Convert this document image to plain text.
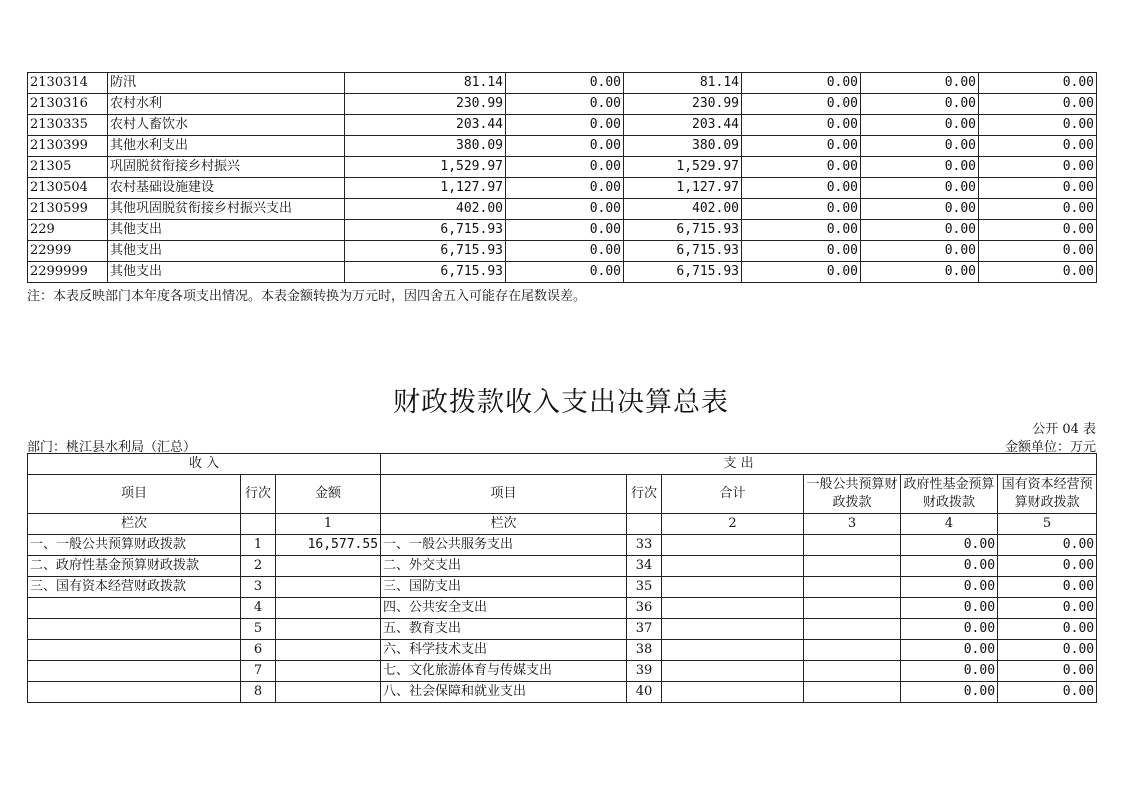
2130314	防汛	81.14	0.00	81.14	0.00	0.00	0.00
2130316	农村水利	230.99	0.00	230.99	0.00	0.00	0.00
2130335	农村人畜饮水	203.44	0.00	203.44	0.00	0.00	0.00
2130399	其他水利支出	380.09	0.00	380.09	0.00	0.00	0.00
21305	巩固脱贫衔接乡村振兴	1,529.97	0.00	1,529.97	0.00	0.00	0.00
2130504	农村基础设施建设	1,127.97	0.00	1,127.97	0.00	0.00	0.00
2130599	其他巩固脱贫衔接乡村振兴支出	402.00	0.00	402.00	0.00	0.00	0.00
229	其他支出	6,715.93	0.00	6,715.93	0.00	0.00	0.00
22999	其他支出	6,715.93	0.00	6,715.93	0.00	0.00	0.00
2299999	其他支出	6,715.93	0.00	6,715.93	0.00	0.00	0.00
注：本表反映部门本年度各项支出情况。本表金额转换为万元时，因四舍五入可能存在尾数误差。
财政拨款收入支出决算总表
公开 04 表
部门：桃江县水利局（汇总）	金额单位：万元
收 入			支 出					
项目	行次	金额	项目	行次	合计	一般公共预算财政拨款	政府性基金预算财政拨款	国有资本经营预算财政拨款
栏次		1	栏次		2	3	4	5
一、一般公共预算财政拨款	1	16,577.55	一、一般公共服务支出	33			0.00	0.00
二、政府性基金预算财政拨款	2		二、外交支出	34			0.00	0.00
三、国有资本经营财政拨款	3		三、国防支出	35			0.00	0.00
	4		四、公共安全支出	36			0.00	0.00
	5		五、教育支出	37			0.00	0.00
	6		六、科学技术支出	38			0.00	0.00
	7		七、文化旅游体育与传媒支出	39			0.00	0.00
	8		八、社会保障和就业支出	40			0.00	0.00
